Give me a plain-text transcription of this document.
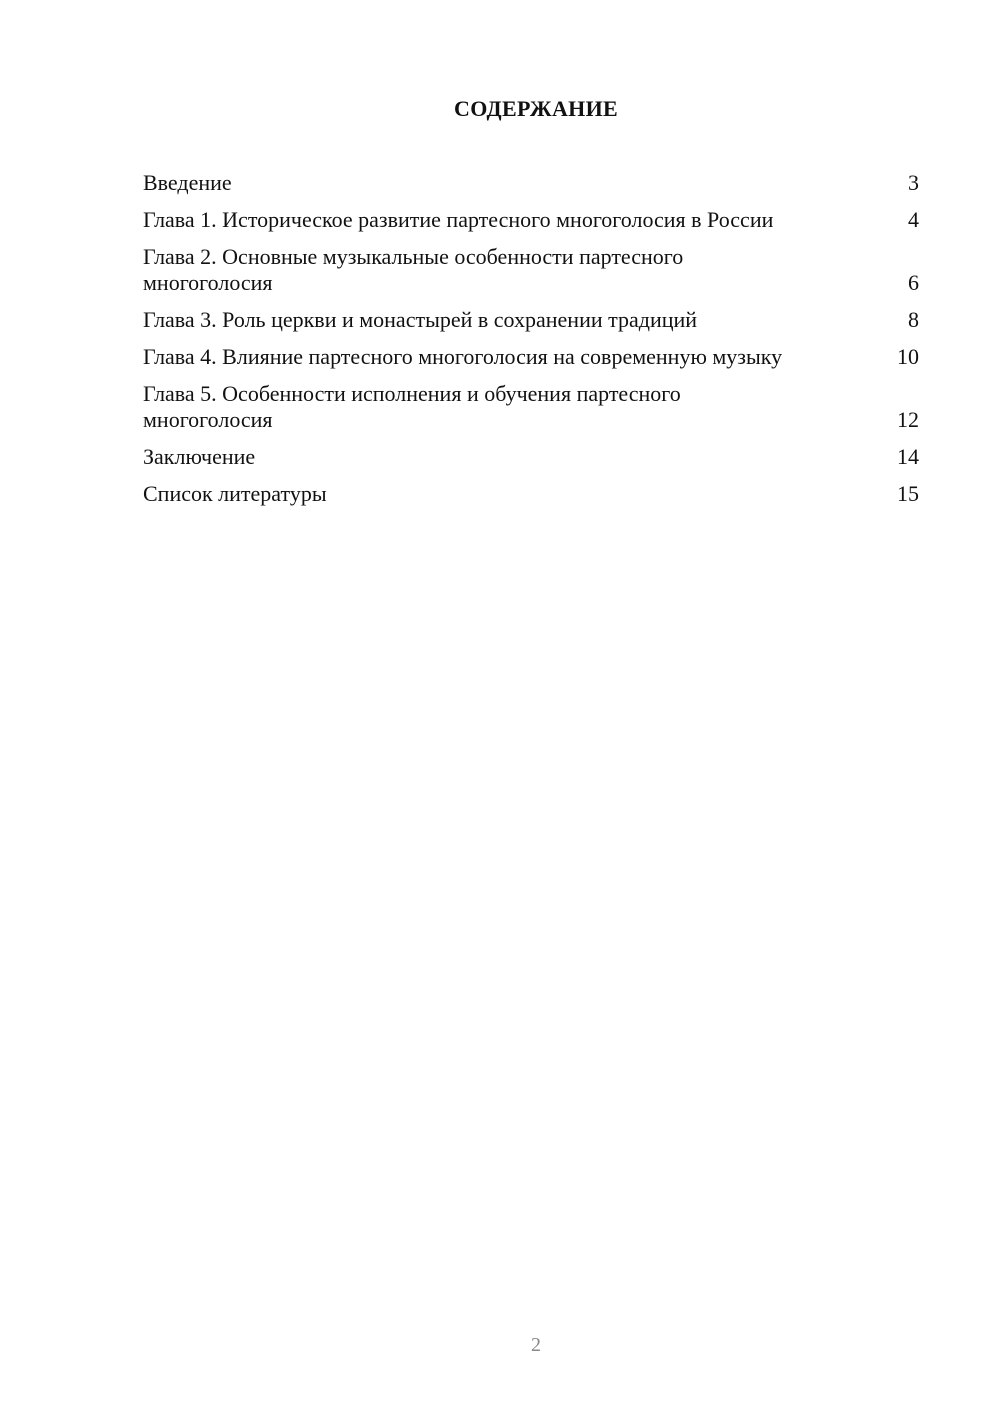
СОДЕРЖАНИЕ
Введение	3
Глава 1. Историческое развитие партесного многоголосия в России	4
Глава 2. Основные музыкальные особенности партесного многоголосия	6
Глава 3. Роль церкви и монастырей в сохранении традиций	8
Глава 4. Влияние партесного многоголосия на современную музыку	10
Глава 5. Особенности исполнения и обучения партесного многоголосия	12
Заключение	14
Список литературы	15
2
